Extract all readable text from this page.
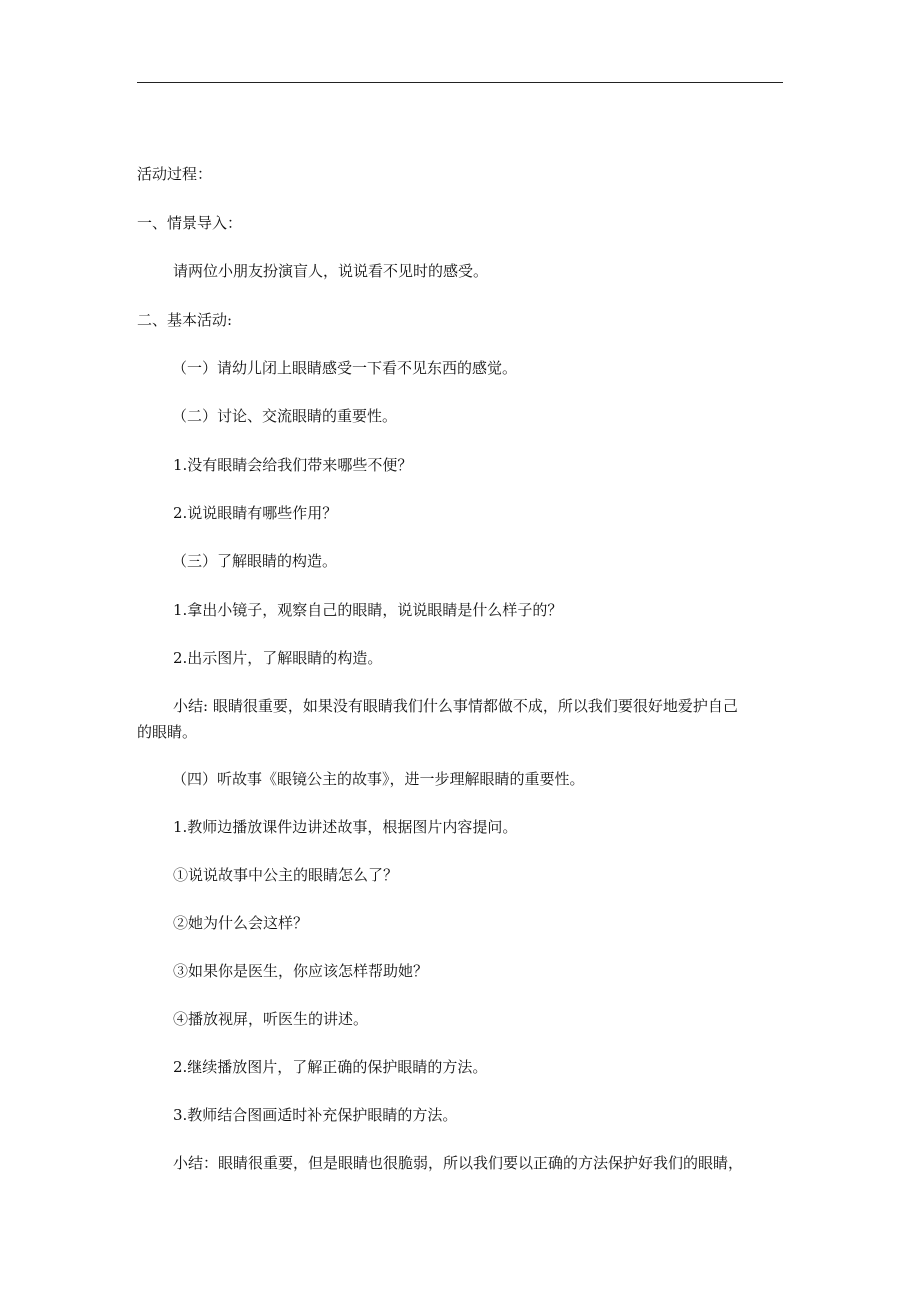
活动过程：
一、情景导入：
请两位小朋友扮演盲人，说说看不见时的感受。
二、基本活动:
（一）请幼儿闭上眼睛感受一下看不见东西的感觉。
（二）讨论、交流眼睛的重要性。
1.没有眼睛会给我们带来哪些不便？
2.说说眼睛有哪些作用？
（三）了解眼睛的构造。
1.拿出小镜子，观察自己的眼睛，说说眼睛是什么样子的？
2.出示图片，了解眼睛的构造。
小结: 眼睛很重要，如果没有眼睛我们什么事情都做不成，所以我们要很好地爱护自己
的眼睛。
（四）听故事《眼镜公主的故事》，进一步理解眼睛的重要性。
1.教师边播放课件边讲述故事，根据图片内容提问。
①说说故事中公主的眼睛怎么了？
②她为什么会这样？
③如果你是医生，你应该怎样帮助她？
④播放视屏，听医生的讲述。
2.继续播放图片，了解正确的保护眼睛的方法。
3.教师结合图画适时补充保护眼睛的方法。
小结：眼睛很重要，但是眼睛也很脆弱，所以我们要以正确的方法保护好我们的眼睛，
